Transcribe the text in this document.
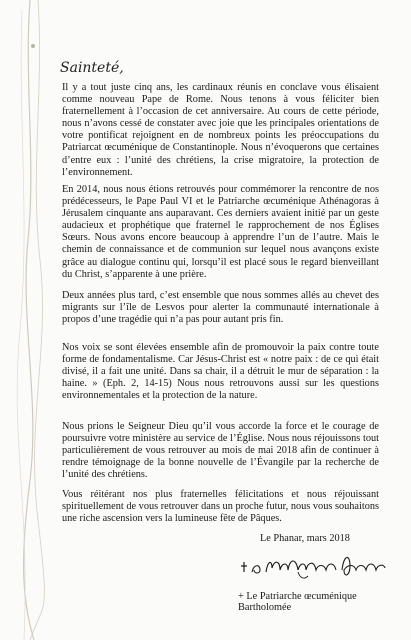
Sainteté,

Il y a tout juste cinq ans, les cardinaux réunis en conclave vous élisaient comme nouveau Pape de Rome. Nous tenons à vous féliciter bien fraternellement à l’occasion de cet anniversaire. Au cours de cette période, nous n’avons cessé de constater avec joie que les principales orientations de votre pontificat rejoignent en de nombreux points les préoccupations du Patriarcat œcuménique de Constantinople. Nous n’évoquerons que certaines d’entre eux : l’unité des chrétiens, la crise migratoire, la protection de l’environnement.

En 2014, nous nous étions retrouvés pour commémorer la rencontre de nos prédécesseurs, le Pape Paul VI et le Patriarche œcuménique Athénagoras à Jérusalem cinquante ans auparavant. Ces derniers avaient initié par un geste audacieux et prophétique que fraternel le rapprochement de nos Églises Sœurs. Nous avons encore beaucoup à apprendre l’un de l’autre. Mais le chemin de connaissance et de communion sur lequel nous avançons existe grâce au dialogue continu qui, lorsqu’il est placé sous le regard bienveillant du Christ, s’apparente à une prière.

Deux années plus tard, c’est ensemble que nous sommes allés au chevet des migrants sur l’île de Lesvos pour alerter la communauté internationale à propos d’une tragédie qui n’a pas pour autant pris fin.

Nos voix se sont élevées ensemble afin de promouvoir la paix contre toute forme de fondamentalisme. Car Jésus-Christ est « notre paix : de ce qui était divisé, il a fait une unité. Dans sa chair, il a détruit le mur de séparation : la haine. » (Eph. 2, 14-15) Nous nous retrouvons aussi sur les questions environnementales et la protection de la nature.

Nous prions le Seigneur Dieu qu’il vous accorde la force et le courage de poursuivre votre ministère au service de l’Église. Nous nous réjouissons tout particulièrement de vous retrouver au mois de mai 2018 afin de continuer à rendre témoignage de la bonne nouvelle de l’Évangile par la recherche de l’unité des chrétiens.

Vous réitérant nos plus fraternelles félicitations et nous réjouissant spirituellement de vous retrouver dans un proche futur, nous vous souhaitons une riche ascension vers la lumineuse fête de Pâques.

Le Phanar, mars 2018
+ Le Patriarche œcuménique Bartholomée
